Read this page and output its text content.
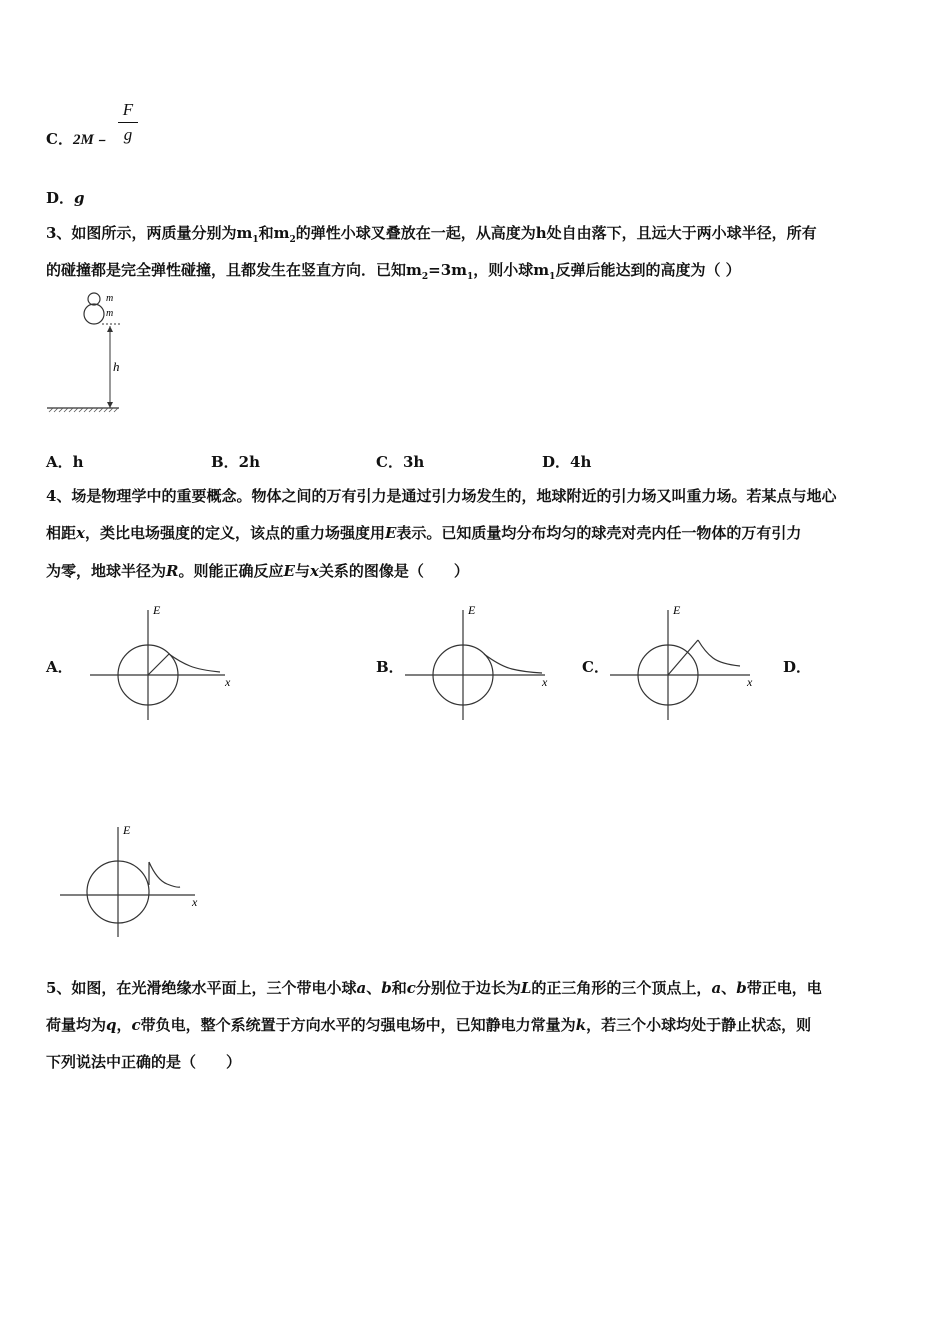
C．2M﹣
F
g
D．g
3、如图所示，两质量分别为$m_1$和$m_2$的弹性小球叉叠放在一起，从高度为h处自由落下，且远大于两小球半径，所有
的碰撞都是完全弹性碰撞，且都发生在竖直方向．已知$m_2=3m_1$，则小球$m_1$反弹后能达到的高度为（ ）
h
m
m
A．h	B．2h	C．3h	D．4h
4、场是物理学中的重要概念。物体之间的万有引力是通过引力场发生的，地球附近的引力场又叫重力场。若某点与地心
相距x，类比电场强度的定义，该点的重力场强度用E表示。已知质量均分布均匀的球壳对壳内任一物体的万有引力
为零，地球半径为R。则能正确反应E与x关系的图像是（　　）
A．	B．	C．	D．
E
x
E
x
E
x
E
x
5、如图，在光滑绝缘水平面上，三个带电小球a、b和c分别位于边长为L的正三角形的三个顶点上，a、b带正电，电
荷量均为q，c带负电，整个系统置于方向水平的匀强电场中，已知静电力常量为k，若三个小球均处于静止状态，则
下列说法中正确的是（　　）
